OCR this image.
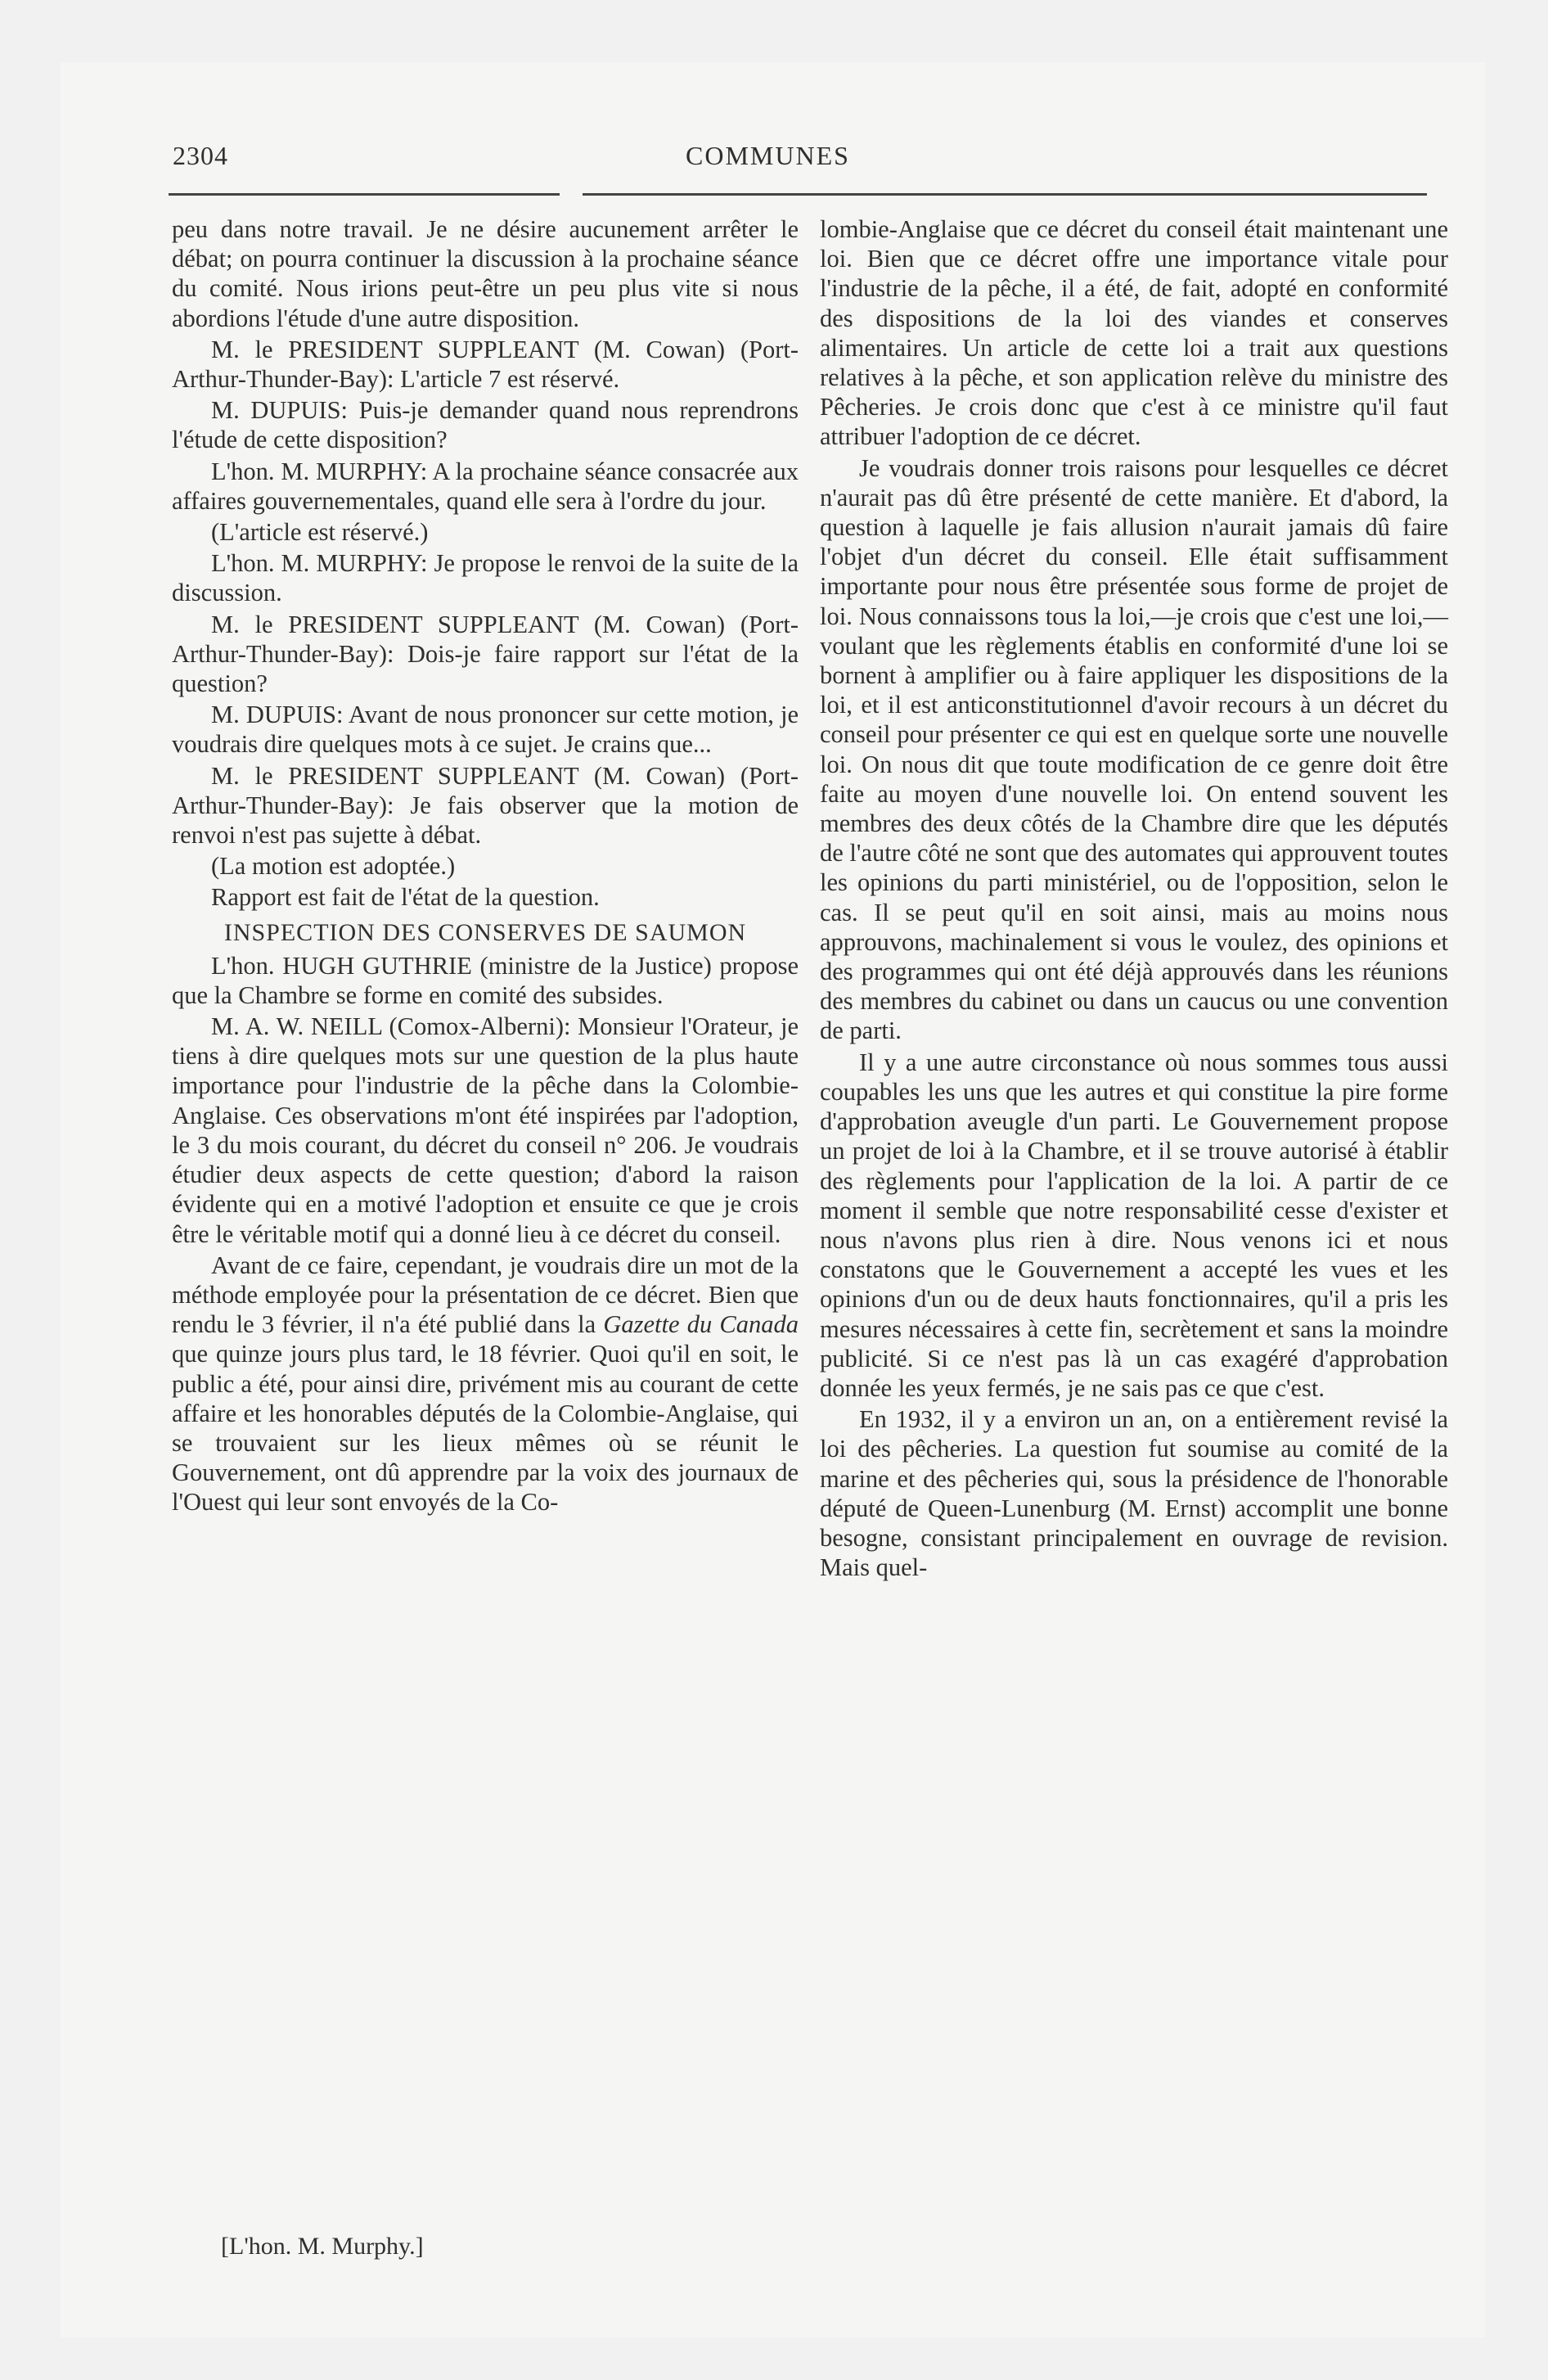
2304	COMMUNES

peu dans notre travail. Je ne désire aucunement arrêter le débat; on pourra continuer la discussion à la prochaine séance du comité. Nous irions peut-être un peu plus vite si nous abordions l'étude d'une autre disposition.

M. le PRESIDENT SUPPLEANT (M. Cowan) (Port-Arthur-Thunder-Bay): L'article 7 est réservé.

M. DUPUIS: Puis-je demander quand nous reprendrons l'étude de cette disposition?

L'hon. M. MURPHY: A la prochaine séance consacrée aux affaires gouvernementales, quand elle sera à l'ordre du jour.

(L'article est réservé.)

L'hon. M. MURPHY: Je propose le renvoi de la suite de la discussion.

M. le PRESIDENT SUPPLEANT (M. Cowan) (Port-Arthur-Thunder-Bay): Dois-je faire rapport sur l'état de la question?

M. DUPUIS: Avant de nous prononcer sur cette motion, je voudrais dire quelques mots à ce sujet. Je crains que...

M. le PRESIDENT SUPPLEANT (M. Cowan) (Port-Arthur-Thunder-Bay): Je fais observer que la motion de renvoi n'est pas sujette à débat.

(La motion est adoptée.)

Rapport est fait de l'état de la question.

INSPECTION DES CONSERVES DE SAUMON

L'hon. HUGH GUTHRIE (ministre de la Justice) propose que la Chambre se forme en comité des subsides.

M. A. W. NEILL (Comox-Alberni): Monsieur l'Orateur, je tiens à dire quelques mots sur une question de la plus haute importance pour l'industrie de la pêche dans la Colombie-Anglaise. Ces observations m'ont été inspirées par l'adoption, le 3 du mois courant, du décret du conseil n° 206. Je voudrais étudier deux aspects de cette question; d'abord la raison évidente qui en a motivé l'adoption et ensuite ce que je crois être le véritable motif qui a donné lieu à ce décret du conseil.

Avant de ce faire, cependant, je voudrais dire un mot de la méthode employée pour la présentation de ce décret. Bien que rendu le 3 février, il n'a été publié dans la Gazette du Canada que quinze jours plus tard, le 18 février. Quoi qu'il en soit, le public a été, pour ainsi dire, privément mis au courant de cette affaire et les honorables députés de la Colombie-Anglaise, qui se trouvaient sur les lieux mêmes où se réunit le Gouvernement, ont dû apprendre par la voix des journaux de l'Ouest qui leur sont envoyés de la Co-

[L'hon. M. Murphy.]

lombie-Anglaise que ce décret du conseil était maintenant une loi. Bien que ce décret offre une importance vitale pour l'industrie de la pêche, il a été, de fait, adopté en conformité des dispositions de la loi des viandes et conserves alimentaires. Un article de cette loi a trait aux questions relatives à la pêche, et son application relève du ministre des Pêcheries. Je crois donc que c'est à ce ministre qu'il faut attribuer l'adoption de ce décret.

Je voudrais donner trois raisons pour lesquelles ce décret n'aurait pas dû être présenté de cette manière. Et d'abord, la question à laquelle je fais allusion n'aurait jamais dû faire l'objet d'un décret du conseil. Elle était suffisamment importante pour nous être présentée sous forme de projet de loi. Nous connaissons tous la loi,—je crois que c'est une loi,—voulant que les règlements établis en conformité d'une loi se bornent à amplifier ou à faire appliquer les dispositions de la loi, et il est anticonstitutionnel d'avoir recours à un décret du conseil pour présenter ce qui est en quelque sorte une nouvelle loi. On nous dit que toute modification de ce genre doit être faite au moyen d'une nouvelle loi. On entend souvent les membres des deux côtés de la Chambre dire que les députés de l'autre côté ne sont que des automates qui approuvent toutes les opinions du parti ministériel, ou de l'opposition, selon le cas. Il se peut qu'il en soit ainsi, mais au moins nous approuvons, machinalement si vous le voulez, des opinions et des programmes qui ont été déjà approuvés dans les réunions des membres du cabinet ou dans un caucus ou une convention de parti.

Il y a une autre circonstance où nous sommes tous aussi coupables les uns que les autres et qui constitue la pire forme d'approbation aveugle d'un parti. Le Gouvernement propose un projet de loi à la Chambre, et il se trouve autorisé à établir des règlements pour l'application de la loi. A partir de ce moment il semble que notre responsabilité cesse d'exister et nous n'avons plus rien à dire. Nous venons ici et nous constatons que le Gouvernement a accepté les vues et les opinions d'un ou de deux hauts fonctionnaires, qu'il a pris les mesures nécessaires à cette fin, secrètement et sans la moindre publicité. Si ce n'est pas là un cas exagéré d'approbation donnée les yeux fermés, je ne sais pas ce que c'est.

En 1932, il y a environ un an, on a entièrement revisé la loi des pêcheries. La question fut soumise au comité de la marine et des pêcheries qui, sous la présidence de l'honorable député de Queen-Lunenburg (M. Ernst) accomplit une bonne besogne, consistant principalement en ouvrage de revision. Mais quel-
